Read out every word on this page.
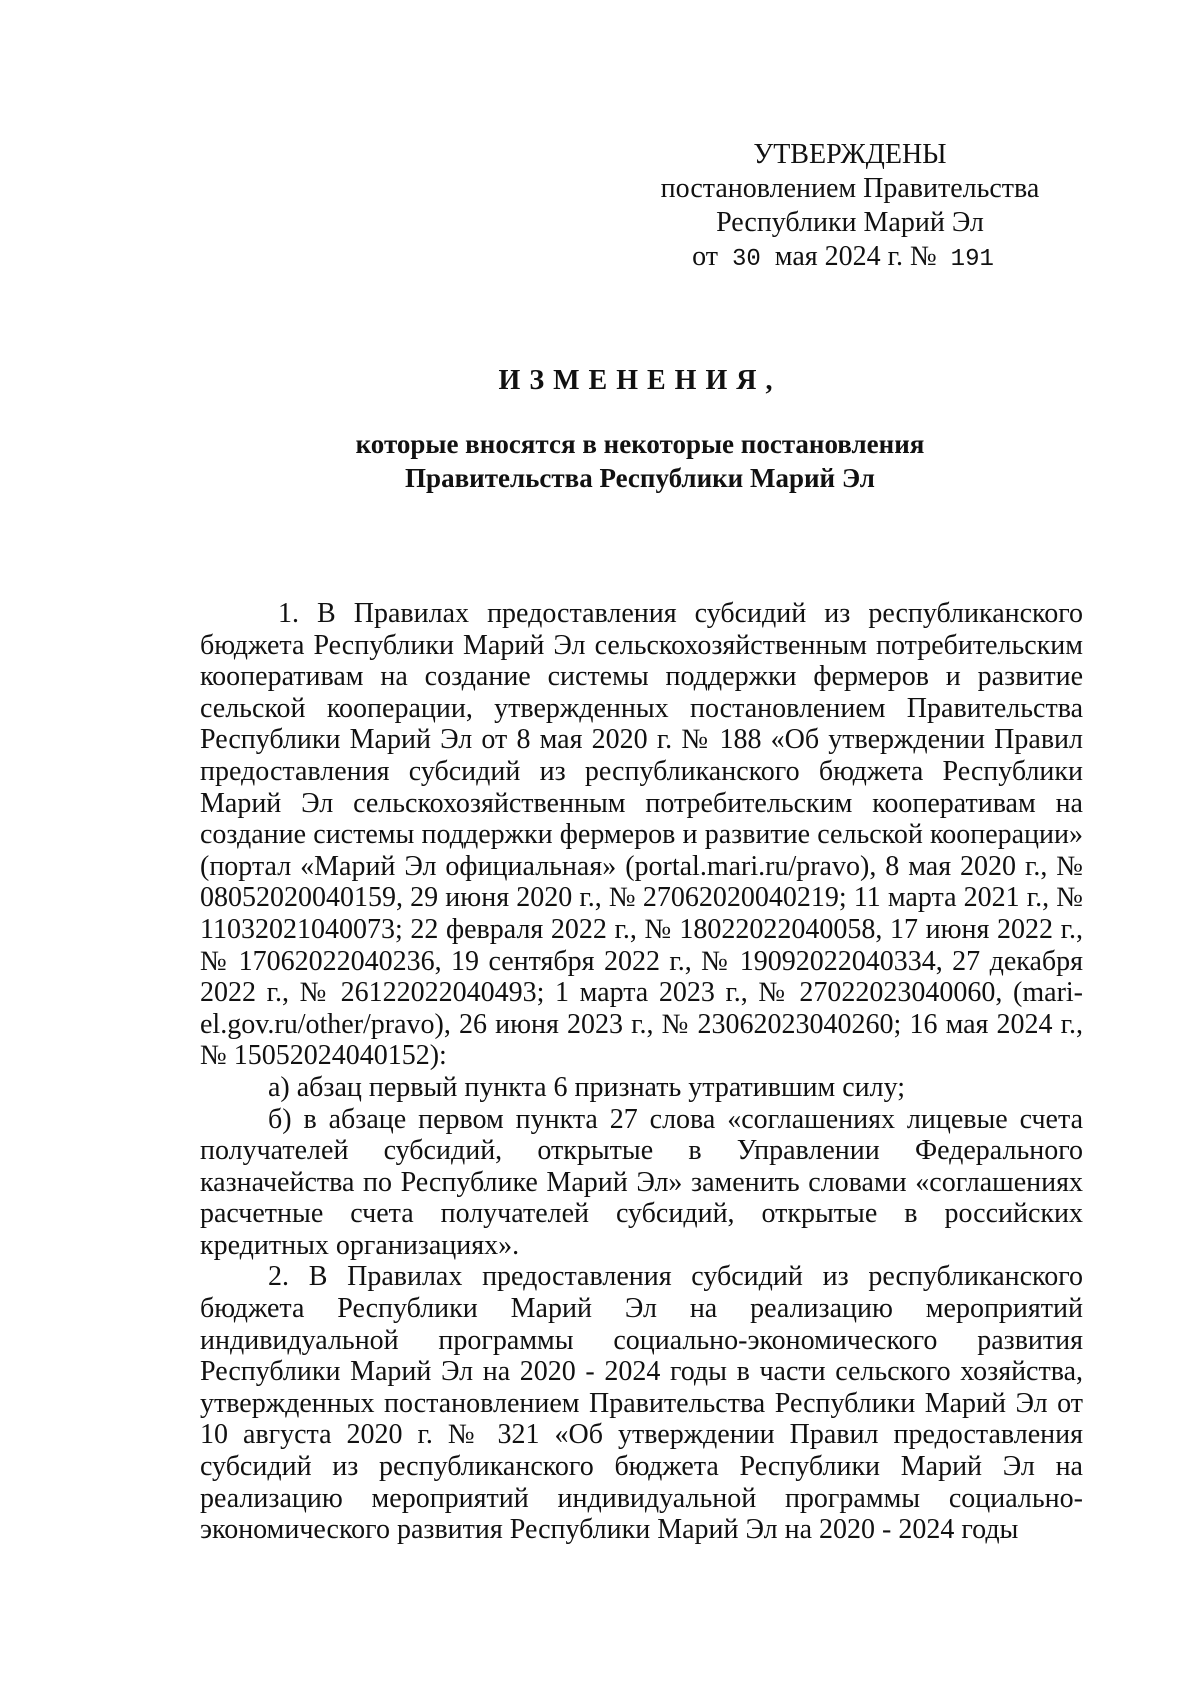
УТВЕРЖДЕНЫ
постановлением Правительства
Республики Марий Эл
от 30 мая 2024 г. № 191
ИЗМЕНЕНИЯ,
которые вносятся в некоторые постановления
Правительства Республики Марий Эл

1. В Правилах предоставления субсидий из республиканского бюджета Республики Марий Эл сельскохозяйственным потребительским кооперативам на создание системы поддержки фермеров и развитие сельской кооперации, утвержденных постановлением Правительства Республики Марий Эл от 8 мая 2020 г. № 188 «Об утверждении Правил предоставления субсидий из республиканского бюджета Республики Марий Эл сельскохозяйственным потребительским кооперативам на создание системы поддержки фермеров и развитие сельской кооперации» (портал «Марий Эл официальная» (portal.mari.ru/pravo), 8 мая 2020 г., № 08052020040159, 29 июня 2020 г., № 27062020040219; 11 марта 2021 г., № 11032021040073; 22 февраля 2022 г., № 18022022040058, 17 июня 2022 г., № 17062022040236, 19 сентября 2022 г., № 19092022040334, 27 декабря 2022 г., № 26122022040493; 1 марта 2023 г., № 27022023040060, (mari-el.gov.ru/other/pravo), 26 июня 2023 г., № 23062023040260; 16 мая 2024 г., № 15052024040152):

а) абзац первый пункта 6 признать утратившим силу;

б) в абзаце первом пункта 27 слова «соглашениях лицевые счета получателей субсидий, открытые в Управлении Федерального казначейства по Республике Марий Эл» заменить словами «соглашениях расчетные счета получателей субсидий, открытые в российских кредитных организациях».

2. В Правилах предоставления субсидий из республиканского бюджета Республики Марий Эл на реализацию мероприятий индивидуальной программы социально-экономического развития Республики Марий Эл на 2020 - 2024 годы в части сельского хозяйства, утвержденных постановлением Правительства Республики Марий Эл от 10 августа 2020 г. № 321 «Об утверждении Правил предоставления субсидий из республиканского бюджета Республики Марий Эл на реализацию мероприятий индивидуальной программы социально-экономического развития Республики Марий Эл на 2020 - 2024 годы
